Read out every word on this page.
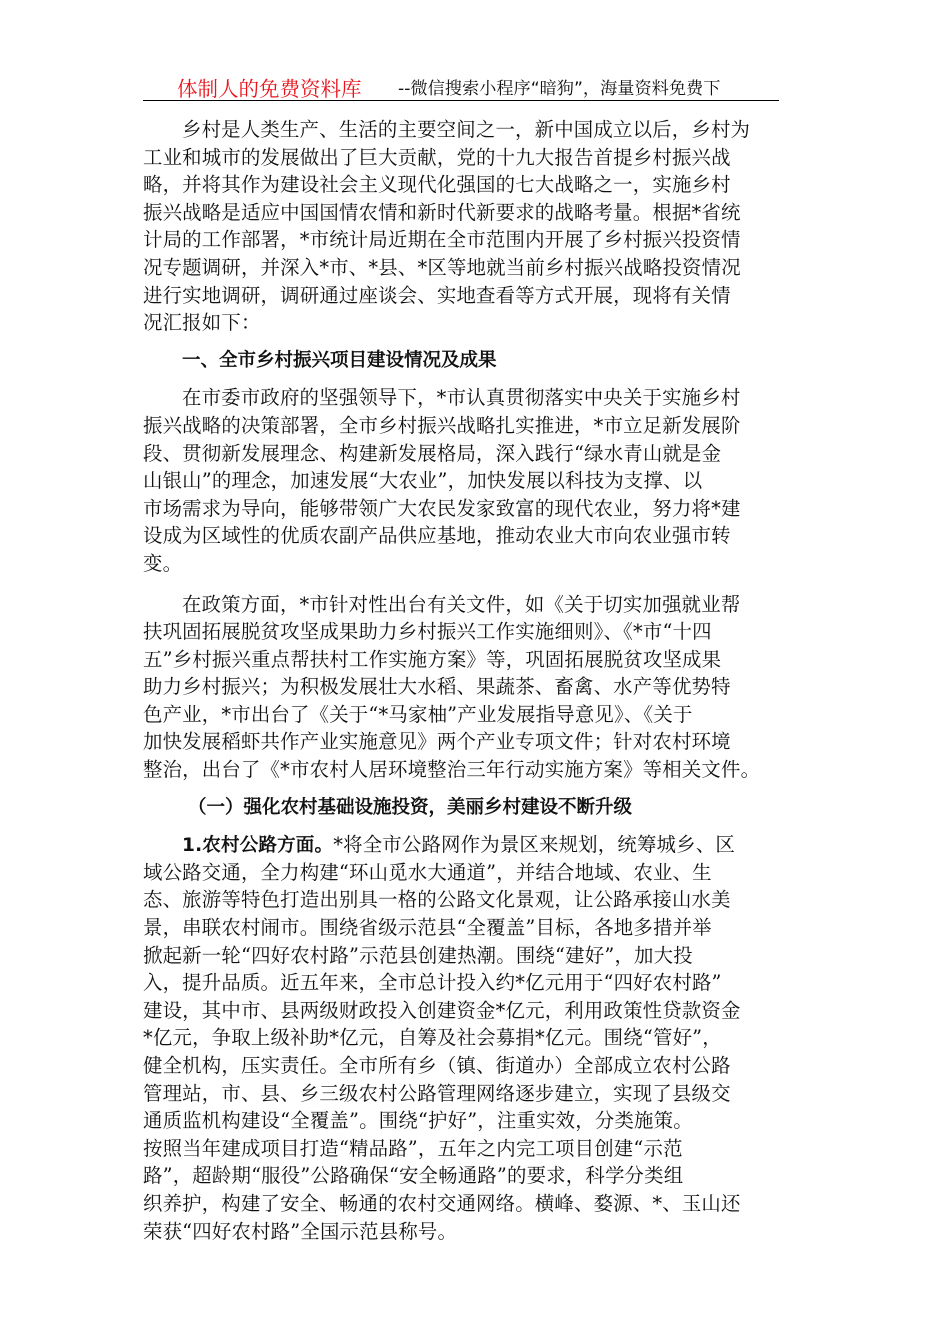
体制人的免费资料库 --微信搜索小程序“暗狗”，海量资料免费下
乡村是人类生产、生活的主要空间之一，新中国成立以后，乡村为
工业和城市的发展做出了巨大贡献，党的十九大报告首提乡村振兴战
略，并将其作为建设社会主义现代化强国的七大战略之一，实施乡村
振兴战略是适应中国国情农情和新时代新要求的战略考量。根据*省统
计局的工作部署，*市统计局近期在全市范围内开展了乡村振兴投资情
况专题调研，并深入*市、*县、*区等地就当前乡村振兴战略投资情况
进行实地调研，调研通过座谈会、实地查看等方式开展，现将有关情
况汇报如下：
一、全市乡村振兴项目建设情况及成果
在市委市政府的坚强领导下，*市认真贯彻落实中央关于实施乡村
振兴战略的决策部署，全市乡村振兴战略扎实推进，*市立足新发展阶
段、贯彻新发展理念、构建新发展格局，深入践行“绿水青山就是金
山银山”的理念，加速发展“大农业”，加快发展以科技为支撑、以
市场需求为导向，能够带领广大农民发家致富的现代农业，努力将*建
设成为区域性的优质农副产品供应基地，推动农业大市向农业强市转
变。
在政策方面，*市针对性出台有关文件，如《关于切实加强就业帮
扶巩固拓展脱贫攻坚成果助力乡村振兴工作实施细则》、《*市“十四
五”乡村振兴重点帮扶村工作实施方案》等，巩固拓展脱贫攻坚成果
助力乡村振兴；为积极发展壮大水稻、果蔬茶、畜禽、水产等优势特
色产业，*市出台了《关于“*马家柚”产业发展指导意见》、《关于
加快发展稻虾共作产业实施意见》两个产业专项文件；针对农村环境
整治，出台了《*市农村人居环境整治三年行动实施方案》等相关文件。
（一）强化农村基础设施投资，美丽乡村建设不断升级
1.农村公路方面。*将全市公路网作为景区来规划，统筹城乡、区
域公路交通，全力构建“环山觅水大通道”，并结合地域、农业、生
态、旅游等特色打造出别具一格的公路文化景观，让公路承接山水美
景，串联农村闹市。围绕省级示范县“全覆盖”目标，各地多措并举
掀起新一轮“四好农村路”示范县创建热潮。围绕“建好”，加大投
入，提升品质。近五年来，全市总计投入约*亿元用于“四好农村路”
建设，其中市、县两级财政投入创建资金*亿元，利用政策性贷款资金
*亿元，争取上级补助*亿元，自筹及社会募捐*亿元。围绕“管好”，
健全机构，压实责任。全市所有乡（镇、街道办）全部成立农村公路
管理站，市、县、乡三级农村公路管理网络逐步建立，实现了县级交
通质监机构建设“全覆盖”。围绕“护好”，注重实效，分类施策。
按照当年建成项目打造“精品路”，五年之内完工项目创建“示范
路”，超龄期“服役”公路确保“安全畅通路”的要求，科学分类组
织养护，构建了安全、畅通的农村交通网络。横峰、婺源、*、玉山还
荣获“四好农村路”全国示范县称号。
